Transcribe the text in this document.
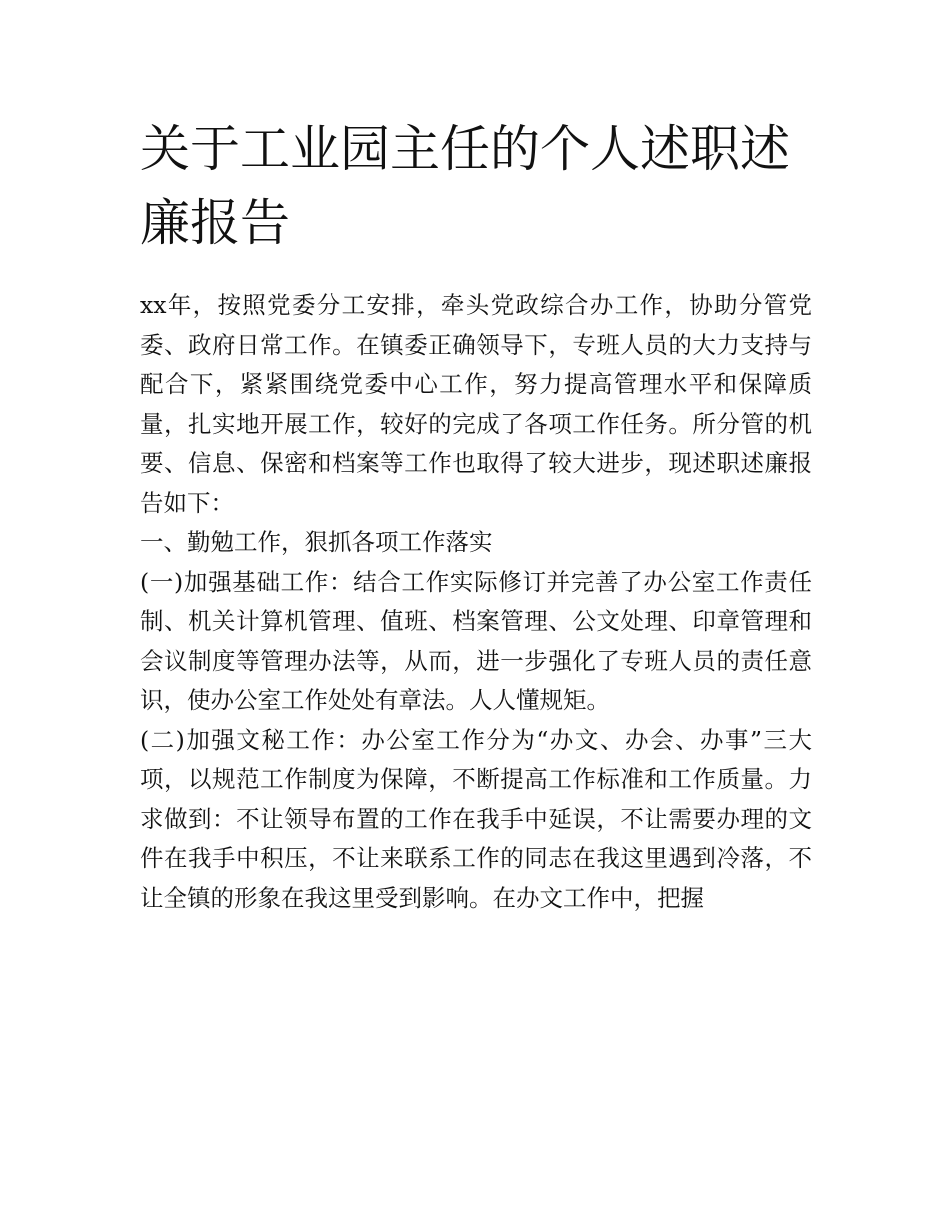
关于工业园主任的个人述职述廉报告

xx年，按照党委分工安排，牵头党政综合办工作，协助分管党委、政府日常工作。在镇委正确领导下，专班人员的大力支持与配合下，紧紧围绕党委中心工作，努力提高管理水平和保障质量，扎实地开展工作，较好的完成了各项工作任务。所分管的机要、信息、保密和档案等工作也取得了较大进步，现述职述廉报告如下：

一、勤勉工作，狠抓各项工作落实

(一)加强基础工作：结合工作实际修订并完善了办公室工作责任制、机关计算机管理、值班、档案管理、公文处理、印章管理和会议制度等管理办法等，从而，进一步强化了专班人员的责任意识，使办公室工作处处有章法。人人懂规矩。

(二)加强文秘工作：办公室工作分为“办文、办会、办事”三大项，以规范工作制度为保障，不断提高工作标准和工作质量。力求做到：不让领导布置的工作在我手中延误，不让需要办理的文件在我手中积压，不让来联系工作的同志在我这里遇到冷落，不让全镇的形象在我这里受到影响。在办文工作中，把握
